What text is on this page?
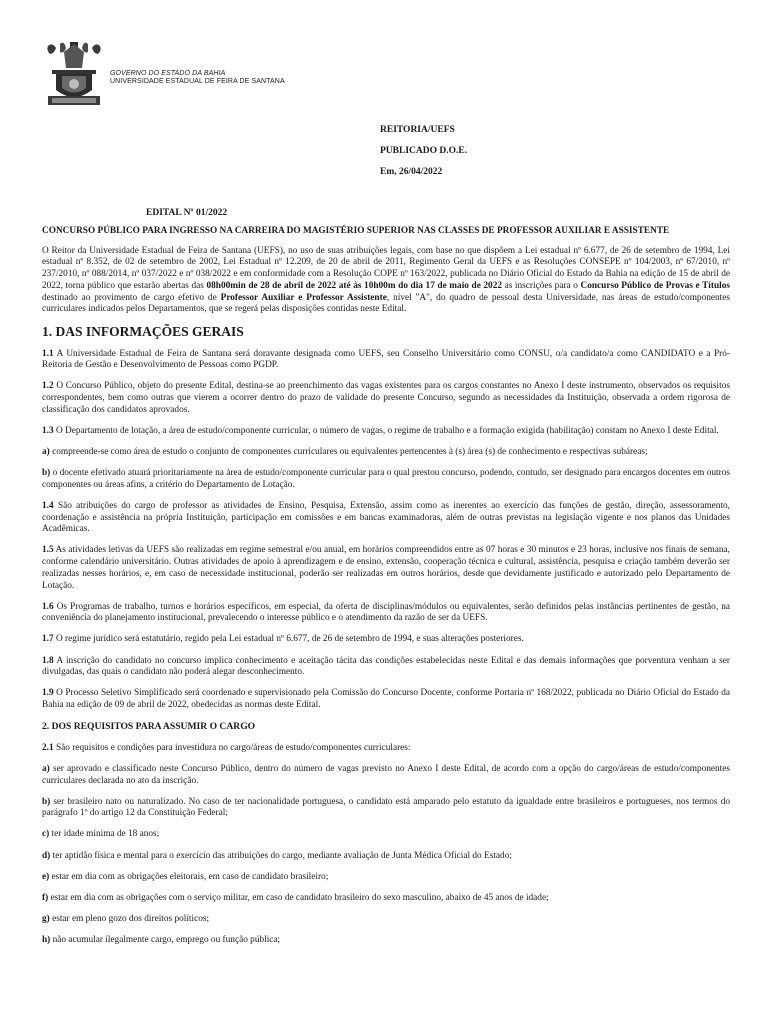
GOVERNO DO ESTADO DA BAHIA
UNIVERSIDADE ESTADUAL DE FEIRA DE SANTANA
REITORIA/UEFS
PUBLICADO D.O.E.
Em, 26/04/2022
EDITAL Nº 01/2022

CONCURSO PÚBLICO PARA INGRESSO NA CARREIRA DO MAGISTÉRIO SUPERIOR NAS CLASSES DE PROFESSOR AUXILIAR E ASSISTENTE

O Reitor da Universidade Estadual de Feira de Santana (UEFS), no uso de suas atribuições legais, com base no que dispõem a Lei estadual nº 6.677, de 26 de setembro de 1994, Lei estadual nº 8.352, de 02 de setembro de 2002, Lei Estadual nº 12.209, de 20 de abril de 2011, Regimento Geral da UEFS e as Resoluções CONSEPE nº 104/2003, nº 67/2010, nº 237/2010, nº 088/2014, nº 037/2022 e nº 038/2022 e em conformidade com a Resolução COPE nº 163/2022, publicada no Diário Oficial do Estado da Bahia na edição de 15 de abril de 2022, torna público que estarão abertas das 08h00min de 28 de abril de 2022 até às 10h00m do dia 17 de maio de 2022 as inscrições para o Concurso Público de Provas e Títulos destinado ao provimento de cargo efetivo de Professor Auxiliar e Professor Assistente, nível "A", do quadro de pessoal desta Universidade, nas áreas de estudo/componentes curriculares indicados pelos Departamentos, que se regerá pelas disposições contidas neste Edital.

1. DAS INFORMAÇÕES GERAIS

1.1 A Universidade Estadual de Feira de Santana será doravante designada como UEFS, seu Conselho Universitário como CONSU, o/a candidato/a como CANDIDATO e a Pró-Reitoria de Gestão e Desenvolvimento de Pessoas como PGDP.

1.2 O Concurso Público, objeto do presente Edital, destina-se ao preenchimento das vagas existentes para os cargos constantes no Anexo I deste instrumento, observados os requisitos correspondentes, bem como outras que vierem a ocorrer dentro do prazo de validade do presente Concurso, segundo as necessidades da Instituição, observada a ordem rigorosa de classificação dos candidatos aprovados.

1.3 O Departamento de lotação, a área de estudo/componente curricular, o número de vagas, o regime de trabalho e a formação exigida (habilitação) constam no Anexo I deste Edital.

a) compreende-se como área de estudo o conjunto de componentes curriculares ou equivalentes pertencentes à (s) área (s) de conhecimento e respectivas subáreas;

b) o docente efetivado atuará prioritariamente na área de estudo/componente curricular para o qual prestou concurso, podendo, contudo, ser designado para encargos docentes em outros componentes ou áreas afins, a critério do Departamento de Lotação.

1.4 São atribuições do cargo de professor as atividades de Ensino, Pesquisa, Extensão, assim como as inerentes ao exercício das funções de gestão, direção, assessoramento, coordenação e assistência na própria Instituição, participação em comissões e em bancas examinadoras, além de outras previstas na legislação vigente e nos planos das Unidades Acadêmicas.

1.5 As atividades letivas da UEFS são realizadas em regime semestral e/ou anual, em horários compreendidos entre as 07 horas e 30 minutos e 23 horas, inclusive nos finais de semana, conforme calendário universitário. Outras atividades de apoio à aprendizagem e de ensino, extensão, cooperação técnica e cultural, assistência, pesquisa e criação também deverão ser realizadas nesses horários, e, em caso de necessidade institucional, poderão ser realizadas em outros horários, desde que devidamente justificado e autorizado pelo Departamento de Lotação.

1.6 Os Programas de trabalho, turnos e horários específicos, em especial, da oferta de disciplinas/módulos ou equivalentes, serão definidos pelas instâncias pertinentes de gestão, na conveniência do planejamento institucional, prevalecendo o interesse público e o atendimento da razão de ser da UEFS.

1.7 O regime jurídico será estatutário, regido pela Lei estadual nº 6.677, de 26 de setembro de 1994, e suas alterações posteriores.

1.8 A inscrição do candidato no concurso implica conhecimento e aceitação tácita das condições estabelecidas neste Edital e das demais informações que porventura venham a ser divulgadas, das quais o candidato não poderá alegar desconhecimento.

1.9 O Processo Seletivo Simplificado será coordenado e supervisionado pela Comissão do Concurso Docente, conforme Portaria nº 168/2022, publicada no Diário Oficial do Estado da Bahia na edição de 09 de abril de 2022, obedecidas as normas deste Edital.

2. DOS REQUISITOS PARA ASSUMIR O CARGO

2.1 São requisitos e condições para investidura no cargo/áreas de estudo/componentes curriculares:

a) ser aprovado e classificado neste Concurso Público, dentro do número de vagas previsto no Anexo I deste Edital, de acordo com a opção do cargo/áreas de estudo/componentes curriculares declarada no ato da inscrição.

b) ser brasileiro nato ou naturalizado. No caso de ter nacionalidade portuguesa, o candidato está amparado pelo estatuto da igualdade entre brasileiros e portugueses, nos termos do parágrafo 1º do artigo 12 da Constituição Federal;

c) ter idade mínima de 18 anos;

d) ter aptidão física e mental para o exercício das atribuições do cargo, mediante avaliação de Junta Médica Oficial do Estado;

e) estar em dia com as obrigações eleitorais, em caso de candidato brasileiro;

f) estar em dia com as obrigações com o serviço militar, em caso de candidato brasileiro do sexo masculino, abaixo de 45 anos de idade;

g) estar em pleno gozo dos direitos políticos;

h) não acumular ilegalmente cargo, emprego ou função pública;
